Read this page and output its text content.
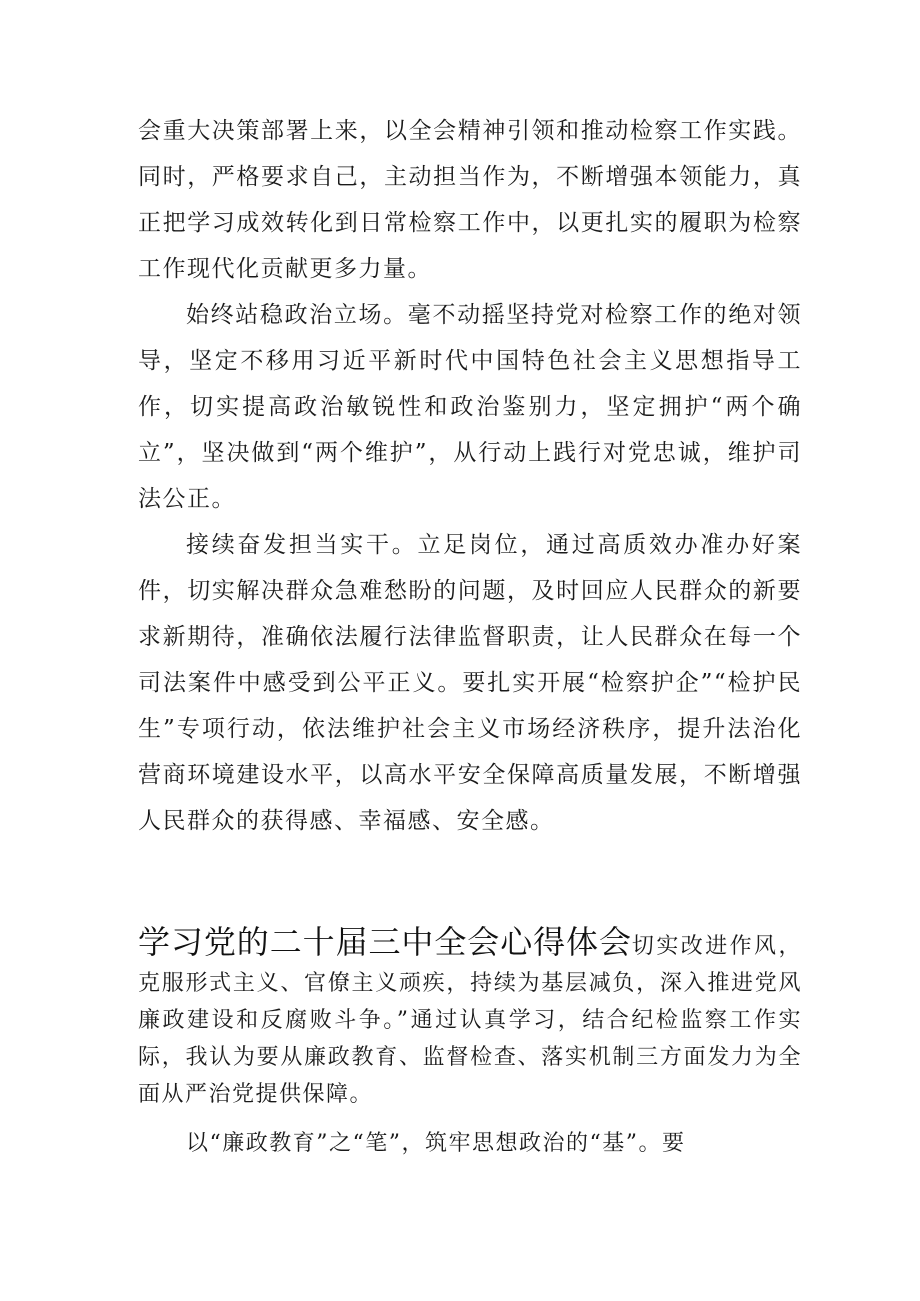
会重大决策部署上来，以全会精神引领和推动检察工作实践。同时，严格要求自己，主动担当作为，不断增强本领能力，真正把学习成效转化到日常检察工作中，以更扎实的履职为检察工作现代化贡献更多力量。

始终站稳政治立场。毫不动摇坚持党对检察工作的绝对领导，坚定不移用习近平新时代中国特色社会主义思想指导工作，切实提高政治敏锐性和政治鉴别力，坚定拥护“两个确立”，坚决做到“两个维护”，从行动上践行对党忠诚，维护司法公正。

接续奋发担当实干。立足岗位，通过高质效办准办好案件，切实解决群众急难愁盼的问题，及时回应人民群众的新要求新期待，准确依法履行法律监督职责，让人民群众在每一个司法案件中感受到公平正义。要扎实开展“检察护企”“检护民生”专项行动，依法维护社会主义市场经济秩序，提升法治化营商环境建设水平，以高水平安全保障高质量发展，不断增强人民群众的获得感、幸福感、安全感。

学习党的二十届三中全会心得体会切实改进作风，克服形式主义、官僚主义顽疾，持续为基层减负，深入推进党风廉政建设和反腐败斗争。”通过认真学习，结合纪检监察工作实际，我认为要从廉政教育、监督检查、落实机制三方面发力为全面从严治党提供保障。

以“廉政教育”之“笔”，筑牢思想政治的“基”。要
